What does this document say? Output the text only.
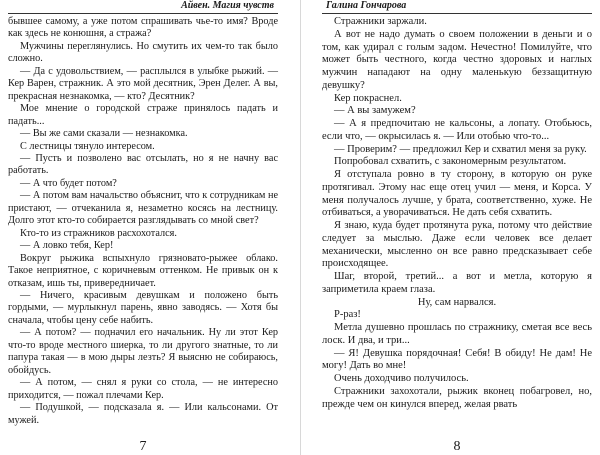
Айвен. Магия чувств

бывшее самому, а уже потом спрашивать чье-то имя? Вроде как здесь не конюшня, а стража?

Мужчины переглянулись. Но смутить их чем-то так было сложно.

— Да с удовольствием, — расплылся в улыбке рыжий. — Кер Варен, стражник. А это мой десятник, Эрен Делег. А вы, прекрасная незнакомка, — кто? Десятник?

Мое мнение о городской страже принялось падать и падать...

— Вы же сами сказали — незнакомка.

С лестницы тянуло интересом.

— Пусть и позволено вас отсылать, но я не начну вас работать.

— А что будет потом?

— А потом вам начальство объяснит, что к сотрудникам не пристают, — отчеканила я, незаметно косясь на лестницу. Долго этот кто-то собирается разглядывать со мной свет?

Кто-то из стражников расхохотался.

— А ловко тебя, Кер!

Вокруг рыжика вспыхнуло грязновато-рыжее облако. Такое неприятное, с коричневым оттенком. Не привык он к отказам, ишь ты, привередничает.

— Ничего, красивым девушкам и положено быть гордыми, — мурлыкнул парень, явно заводясь. — Хотя бы сначала, чтобы цену себе набить.

— А потом? — подначил его начальник. Ну ли этот Кер что-то вроде местного шиерка, то ли другого знатные, то ли папура такая — в мою дыры лезть? Я выясню не собираюсь, обойдусь.

— А потом, — снял я руки со стола, — не интересно приходится, — пожал плечами Кер.

— Подушкой, — подсказала я. — Или кальсонами. От мужей.

7
Галина Гончарова

Стражники заржали.

А вот не надо думать о своем положении в деньги и о том, как удирал с голым задом. Нечестно! Помилуйте, что может быть честного, когда честно здоровых и наглых мужчин нападают на одну маленькую беззащитную девушку?

Кер покраснел.

— А вы замужем?

— А я предпочитаю не кальсоны, а лопату. Отобьюсь, если что, — окрысилась я. — Или отобью что-то...

— Проверим? — предложил Кер и схватил меня за руку.

Попробовал схватить, с закономерным результатом.

Я отступала ровно в ту сторону, в которую он руке протягивал. Этому нас еще отец учил — меня, и Корса. У меня получалось лучше, у брата, соответственно, хуже. Не отбиваться, а уворачиваться. Не дать себя схватить.

Я знаю, куда будет протянута рука, потому что действие следует за мыслью. Даже если человек все делает механически, мысленно он все равно предсказывает себе происходящее.

Шаг, второй, третий... а вот и метла, которую я заприметила краем глаза.

Ну, сам нарвался.

Р-раз!

Метла душевно прошлась по стражнику, сметая все весь лоск. И два, и три...

— Я! Девушка порядочная! Себя! В обиду! Не дам! Не могу! Дать во мне!

Очень доходчиво получилось.

Стражники захохотали, рыжик вконец побагровел, но, прежде чем он кинулся вперед, желая рвать

8
